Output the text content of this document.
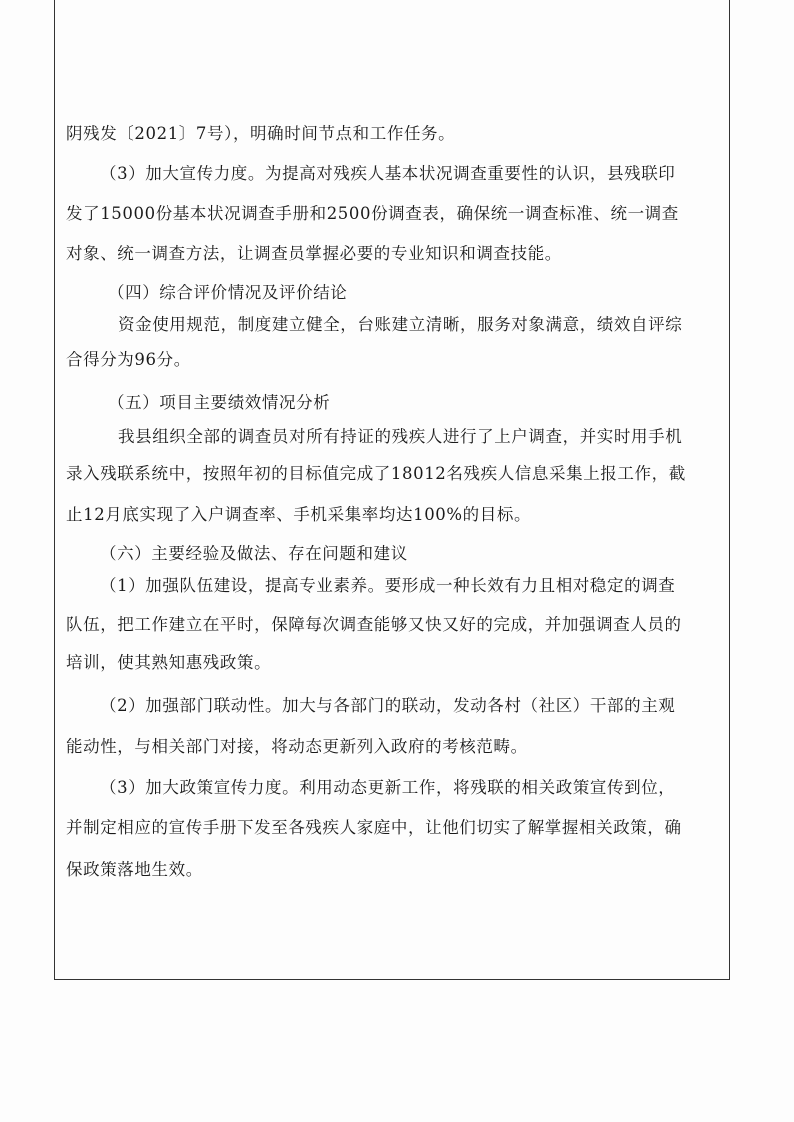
阴残发〔2021〕7号），明确时间节点和工作任务。
（3）加大宣传力度。为提高对残疾人基本状况调查重要性的认识，县残联印
发了15000份基本状况调查手册和2500份调查表，确保统一调查标准、统一调查
对象、统一调查方法，让调查员掌握必要的专业知识和调查技能。
（四）综合评价情况及评价结论
资金使用规范，制度建立健全，台账建立清晰，服务对象满意，绩效自评综
合得分为96分。
（五）项目主要绩效情况分析
我县组织全部的调查员对所有持证的残疾人进行了上户调查，并实时用手机
录入残联系统中，按照年初的目标值完成了18012名残疾人信息采集上报工作，截
止12月底实现了入户调查率、手机采集率均达100%的目标。
（六）主要经验及做法、存在问题和建议
（1）加强队伍建设，提高专业素养。要形成一种长效有力且相对稳定的调查
队伍，把工作建立在平时，保障每次调查能够又快又好的完成，并加强调查人员的
培训，使其熟知惠残政策。
（2）加强部门联动性。加大与各部门的联动，发动各村（社区）干部的主观
能动性，与相关部门对接，将动态更新列入政府的考核范畴。
（3）加大政策宣传力度。利用动态更新工作，将残联的相关政策宣传到位，
并制定相应的宣传手册下发至各残疾人家庭中，让他们切实了解掌握相关政策，确
保政策落地生效。
